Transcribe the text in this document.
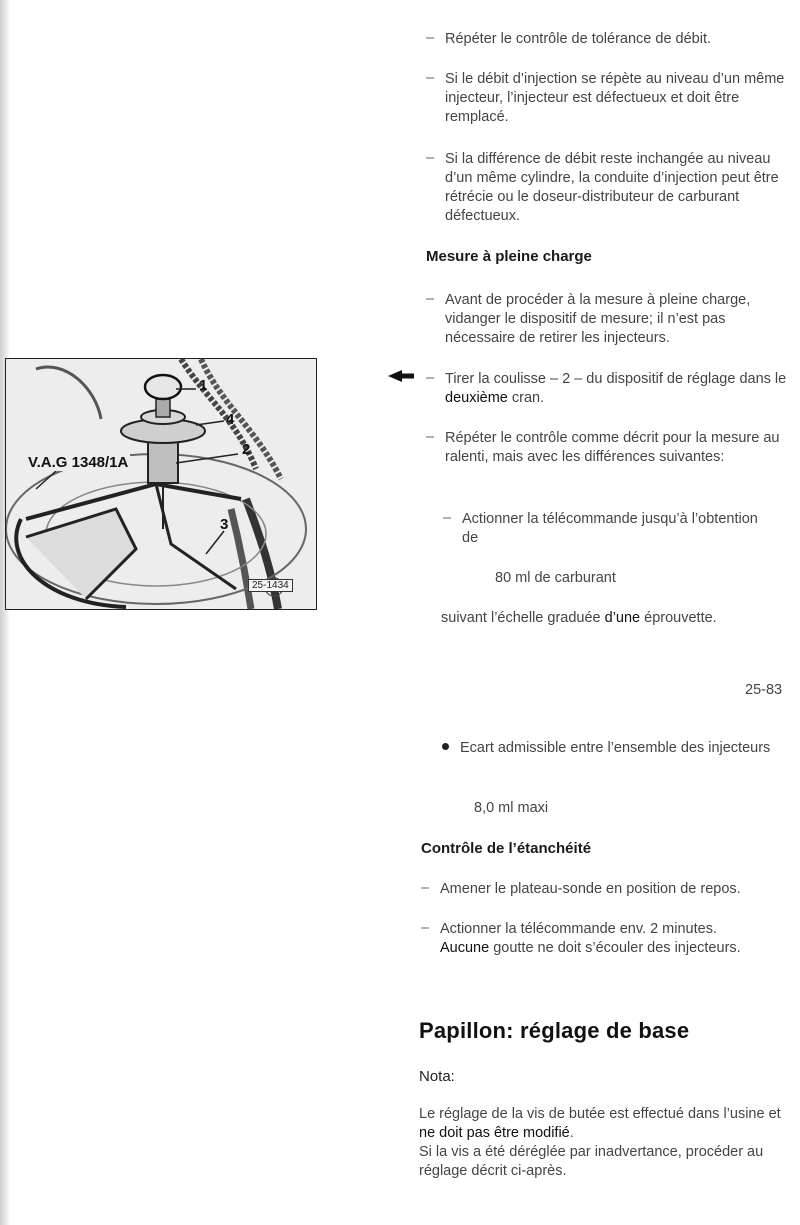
– Répéter le contrôle de tolérance de débit.
– Si le débit d’injection se répète au niveau d’un même injecteur, l’injecteur est défectueux et doit être remplacé.
– Si la différence de débit reste inchangée au niveau d’un même cylindre, la conduite d’injection peut être rétrécie ou le doseur-distributeur de carburant défectueux.
Mesure à pleine charge
– Avant de procéder à la mesure à pleine charge, vidanger le dispositif de mesure; il n’est pas nécessaire de retirer les injecteurs.
– Tirer la coulisse – 2 – du dispositif de réglage dans le deuxième cran.
– Répéter le contrôle comme décrit pour la mesure au ralenti, mais avec les différences suivantes:
– Actionner la télécommande jusqu’à l’obtention de
80 ml de carburant
suivant l’échelle graduée d’une éprouvette.
25-83
Ecart admissible entre l’ensemble des injecteurs
8,0 ml maxi
Contrôle de l’étanchéité
– Amener le plateau-sonde en position de repos.
– Actionner la télécommande env. 2 minutes.
Aucune goutte ne doit s’écouler des injecteurs.
Papillon: réglage de base
Nota:
Le réglage de la vis de butée est effectué dans l’usine et ne doit pas être modifié.
Si la vis a été déréglée par inadvertance, procéder au réglage décrit ci-après.
1
4
2
3
V.A.G 1348/1A
25-1434
